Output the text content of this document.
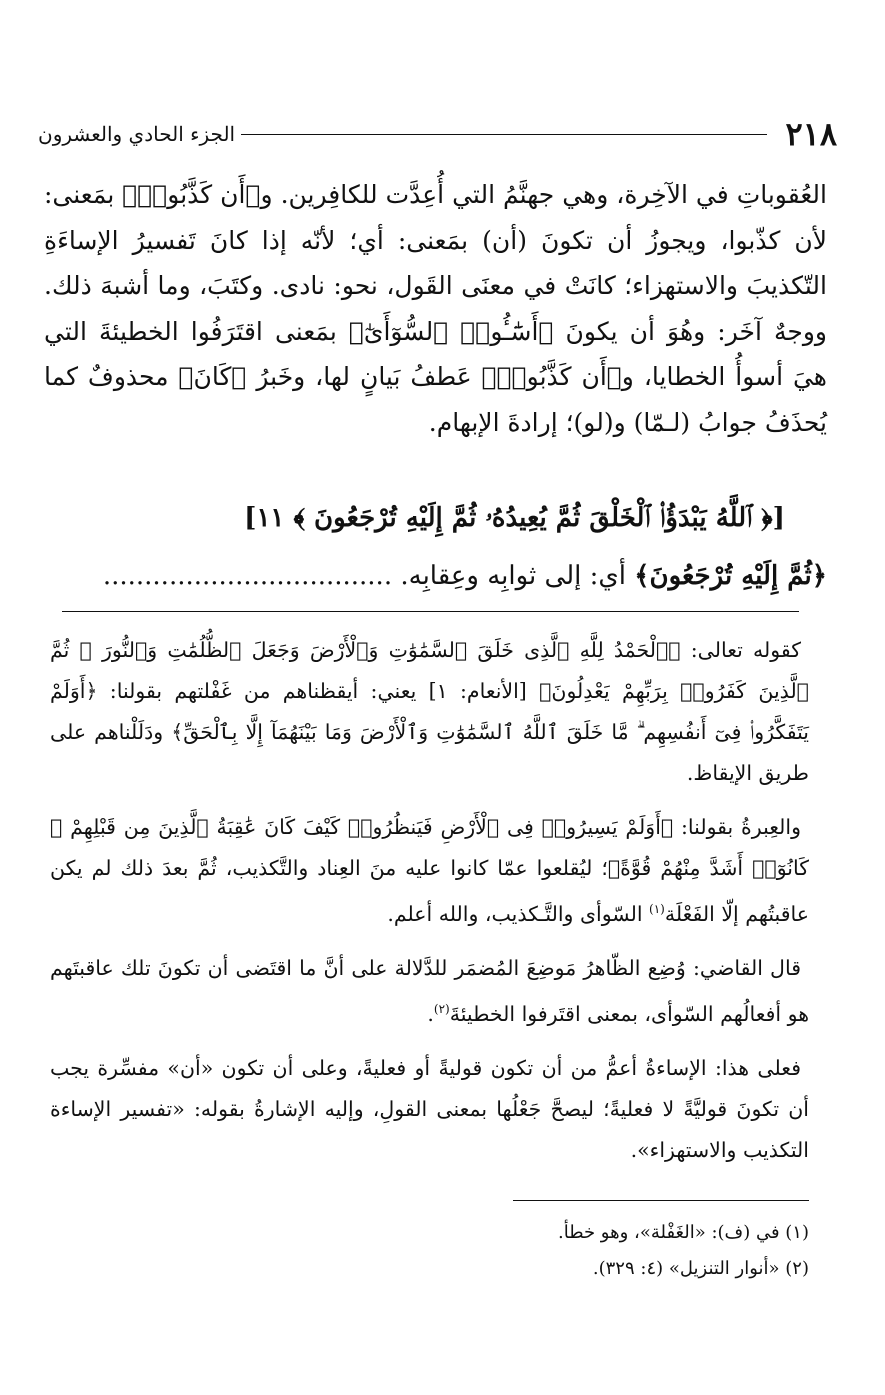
٢١٨
الجزء الحادي والعشرون

العُقوباتِ في الآخِرة، وهي جهنَّمُ التي أُعِدَّت للكافِرين. و﴿أَن كَذَّبُوا۟﴾ بمَعنى: لأن كذّبوا، ويجوزُ أن تكونَ (أن) بمَعنى: أي؛ لأنّه إذا كانَ تَفسيرُ الإساءَةِ التّكذيبَ والاستهزاء؛ كانَتْ في معنَى القَول، نحو: نادى. وكتَبَ، وما أشبهَ ذلك. ووجهٌ آخَر: وهُوَ أن يكونَ ﴿أَسَٰٓـُٔوا۟ ٱلسُّوٓأَىٰٓ﴾ بمَعنى اقتَرَفُوا الخطيئةَ التي هيَ أسوأُ الخطايا، و﴿أَن كَذَّبُوا۟﴾ عَطفُ بَيانٍ لها، وخَبرُ ﴿كَانَ﴾ محذوفٌ كما يُحذَفُ جوابُ (لـمّا) و(لو)؛ إرادةَ الإبهام.

[﴿ ٱللَّهُ يَبْدَؤُا۟ ٱلْخَلْقَ ثُمَّ يُعِيدُهُۥ ثُمَّ إِلَيْهِ تُرْجَعُونَ ﴾ ١١]

﴿ثُمَّ إِلَيْهِ تُرْجَعُونَ﴾ أي: إلى ثوابِه وعِقابِه. ...................................

كقوله تعالى: ﴿ٱلْحَمْدُ لِلَّهِ ٱلَّذِى خَلَقَ ٱلسَّمَٰوَٰتِ وَٱلْأَرْضَ وَجَعَلَ ٱلظُّلُمَٰتِ وَٱلنُّورَ ۖ ثُمَّ ٱلَّذِينَ كَفَرُوا۟ بِرَبِّهِمْ يَعْدِلُونَ﴾ [الأنعام: ١] يعني: أيقظناهم من غَفْلتهم بقولنا: ﴿أَوَلَمْ يَتَفَكَّرُوا۟ فِىٓ أَنفُسِهِم ۗ مَّا خَلَقَ ٱللَّهُ ٱلسَّمَٰوَٰتِ وَٱلْأَرْضَ وَمَا بَيْنَهُمَآ إِلَّا بِٱلْحَقِّ﴾ ودَلَلْناهم على طريق الإيقاظ.

والعِبرةُ بقولنا: ﴿أَوَلَمْ يَسِيرُوا۟ فِى ٱلْأَرْضِ فَيَنظُرُوا۟ كَيْفَ كَانَ عَٰقِبَةُ ٱلَّذِينَ مِن قَبْلِهِمْ ۚ كَانُوٓا۟ أَشَدَّ مِنْهُمْ قُوَّةً﴾؛ ليُقلعوا عمّا كانوا عليه منَ العِناد والتَّكذيب، ثُمَّ بعدَ ذلك لم يكن عاقبتُهم إلّا الفَعْلَة$^{(١)}$ السّوأى والتَّـكذيب، والله أعلم.

قال القاضي: وُضِع الظّاهرُ مَوضِعَ المُضمَر للدَّلالة على أنَّ ما اقتَضى أن تكونَ تلك عاقبتَهم هو أفعالُهم السّوأى، بمعنى اقتَرفوا الخطيئةَ$^{(٢)}$.

فعلى هذا: الإساءةُ أعمُّ من أن تكون قوليةً أو فعليةً، وعلى أن تكون «أن» مفسِّرة يجب أن تكونَ قوليَّةً لا فعليةً؛ ليصحَّ جَعْلُها بمعنى القولِ، وإليه الإشارةُ بقوله: «تفسير الإساءة التكذيب والاستهزاء».

(١) في (ف): «الغَفْلة»، وهو خطأ.

(٢) «أنوار التنزيل» (٤: ٣٢٩).
